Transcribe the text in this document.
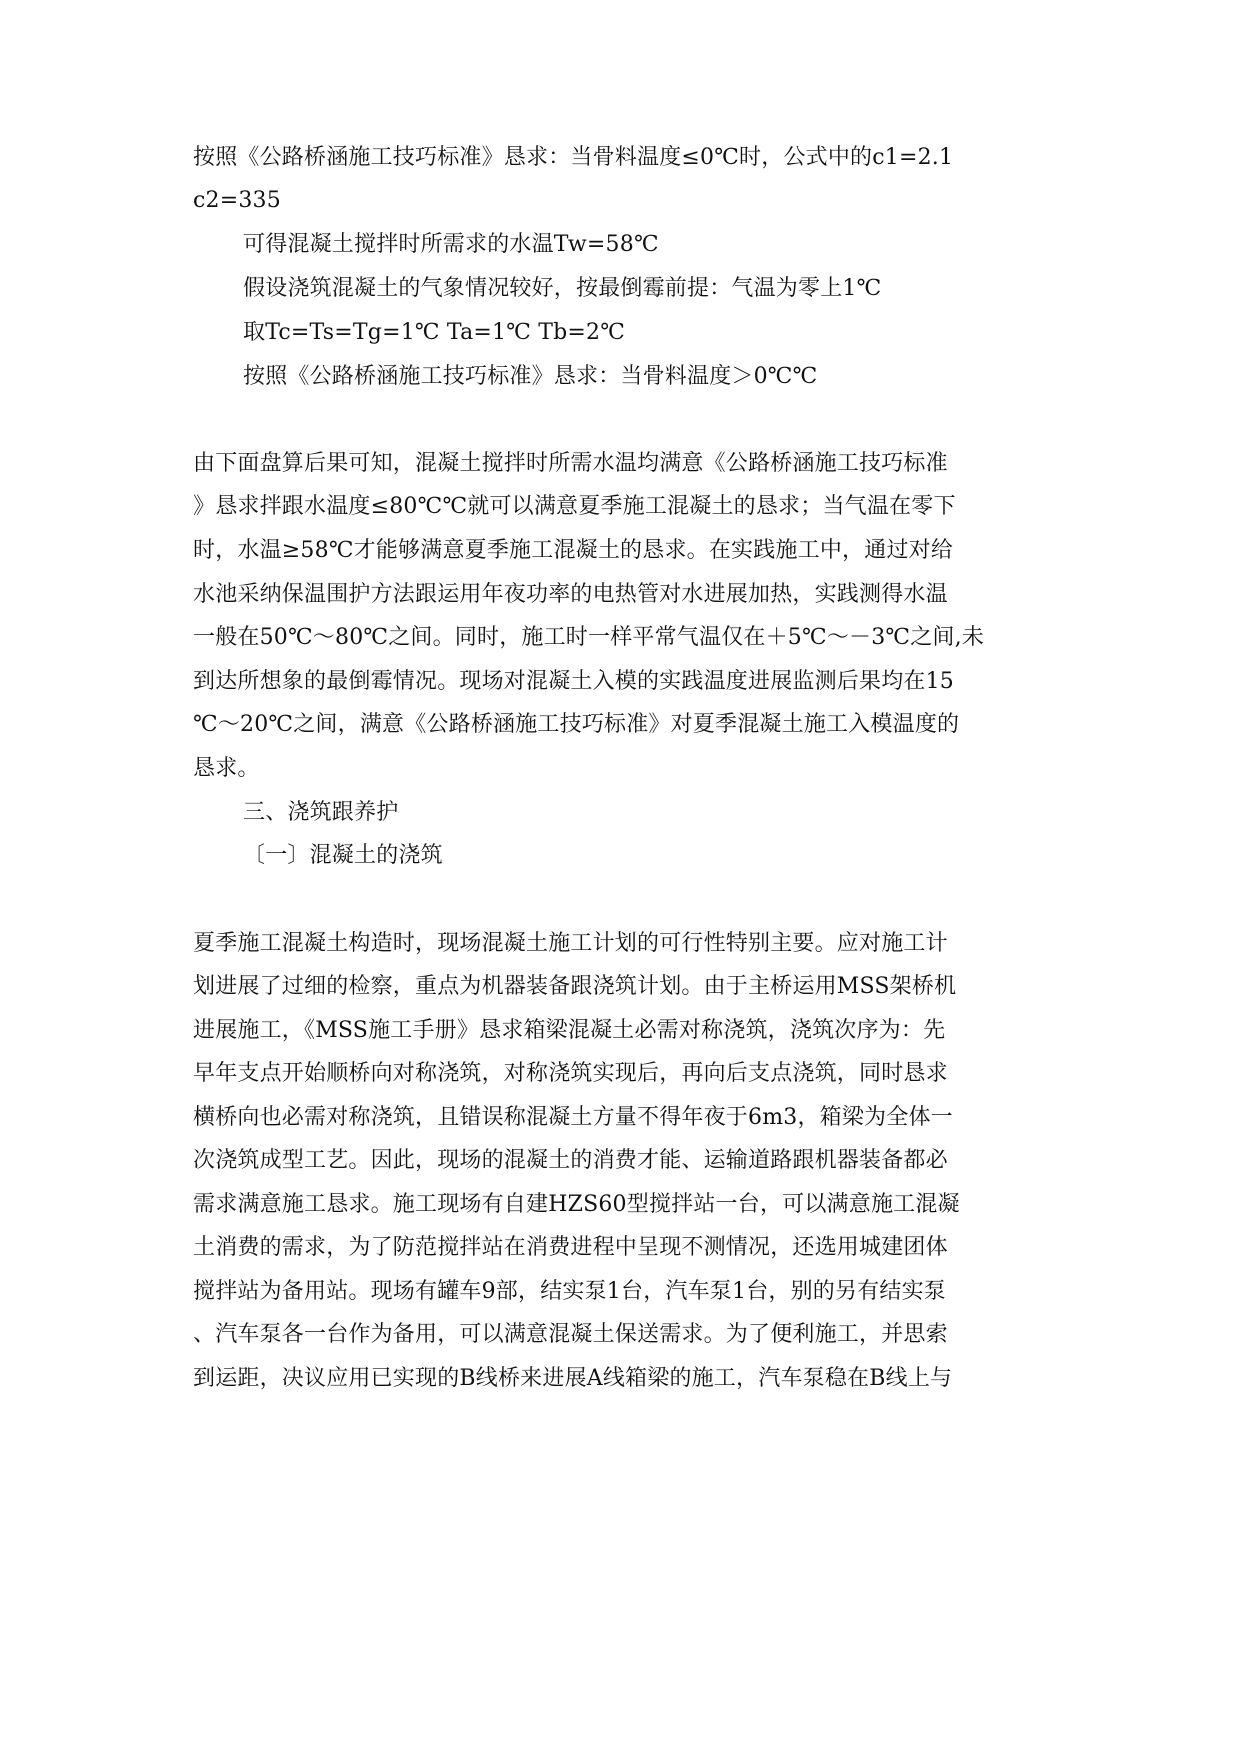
按照《公路桥涵施工技巧标准》恳求：当骨料温度≤0℃时，公式中的c1=2.1
c2=335
可得混凝土搅拌时所需求的水温Tw=58℃
假设浇筑混凝土的气象情况较好，按最倒霉前提：气温为零上1℃
取Tc=Ts=Tg=1℃ Ta=1℃ Tb=2℃
按照《公路桥涵施工技巧标准》恳求：当骨料温度＞0℃℃
由下面盘算后果可知，混凝土搅拌时所需水温均满意《公路桥涵施工技巧标准
》恳求拌跟水温度≤80℃℃就可以满意夏季施工混凝土的恳求；当气温在零下
时，水温≥58℃才能够满意夏季施工混凝土的恳求。在实践施工中，通过对给
水池采纳保温围护方法跟运用年夜功率的电热管对水进展加热，实践测得水温
一般在50℃～80℃之间。同时，施工时一样平常气温仅在＋5℃～－3℃之间,未
到达所想象的最倒霉情况。现场对混凝土入模的实践温度进展监测后果均在15
℃～20℃之间，满意《公路桥涵施工技巧标准》对夏季混凝土施工入模温度的
恳求。
三、浇筑跟养护
〔一〕混凝土的浇筑
夏季施工混凝土构造时，现场混凝土施工计划的可行性特别主要。应对施工计
划进展了过细的检察，重点为机器装备跟浇筑计划。由于主桥运用MSS架桥机
进展施工，《MSS施工手册》恳求箱梁混凝土必需对称浇筑，浇筑次序为：先
早年支点开始顺桥向对称浇筑，对称浇筑实现后，再向后支点浇筑，同时恳求
横桥向也必需对称浇筑，且错误称混凝土方量不得年夜于6m3，箱梁为全体一
次浇筑成型工艺。因此，现场的混凝土的消费才能、运输道路跟机器装备都必
需求满意施工恳求。施工现场有自建HZS60型搅拌站一台，可以满意施工混凝
土消费的需求，为了防范搅拌站在消费进程中呈现不测情况，还选用城建团体
搅拌站为备用站。现场有罐车9部，结实泵1台，汽车泵1台，别的另有结实泵
、汽车泵各一台作为备用，可以满意混凝土保送需求。为了便利施工，并思索
到运距，决议应用已实现的B线桥来进展A线箱梁的施工，汽车泵稳在B线上与
